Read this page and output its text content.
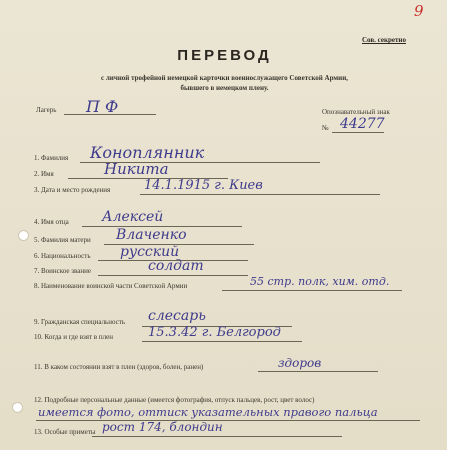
9
Сов. секретно
ПЕРЕВОД
с личной трофейной немецкой карточки военнослужащего Советской Армии,
бывшего в немецком плену.
Лагерь П Ф	Опознавательный знак
№ 44277
1. Фамилия Коноплянник
2. Имя	Никита
3. Дата и место рождения	14.1.1915 г. Киев
4. Имя отца Алексей
5. Фамилия матери Влаченко
6. Национальность русский
7. Воинское звание	солдат
8. Наименование воинской части Советской Армии	55 стр. полк, хим. отд.
9. Гражданская специальность слесарь
10. Когда и где взят в плен	15.3.42 г. Белгород
11. В каком состоянии взят в плен (здоров, болен, ранен)	здоров
12. Подробные персональные данные (имеется фотография, отпуск пальцев, рост, цвет волос)
имеется фото, оттиск указательных правого пальца
13. Особые приметы рост 174, блондин
